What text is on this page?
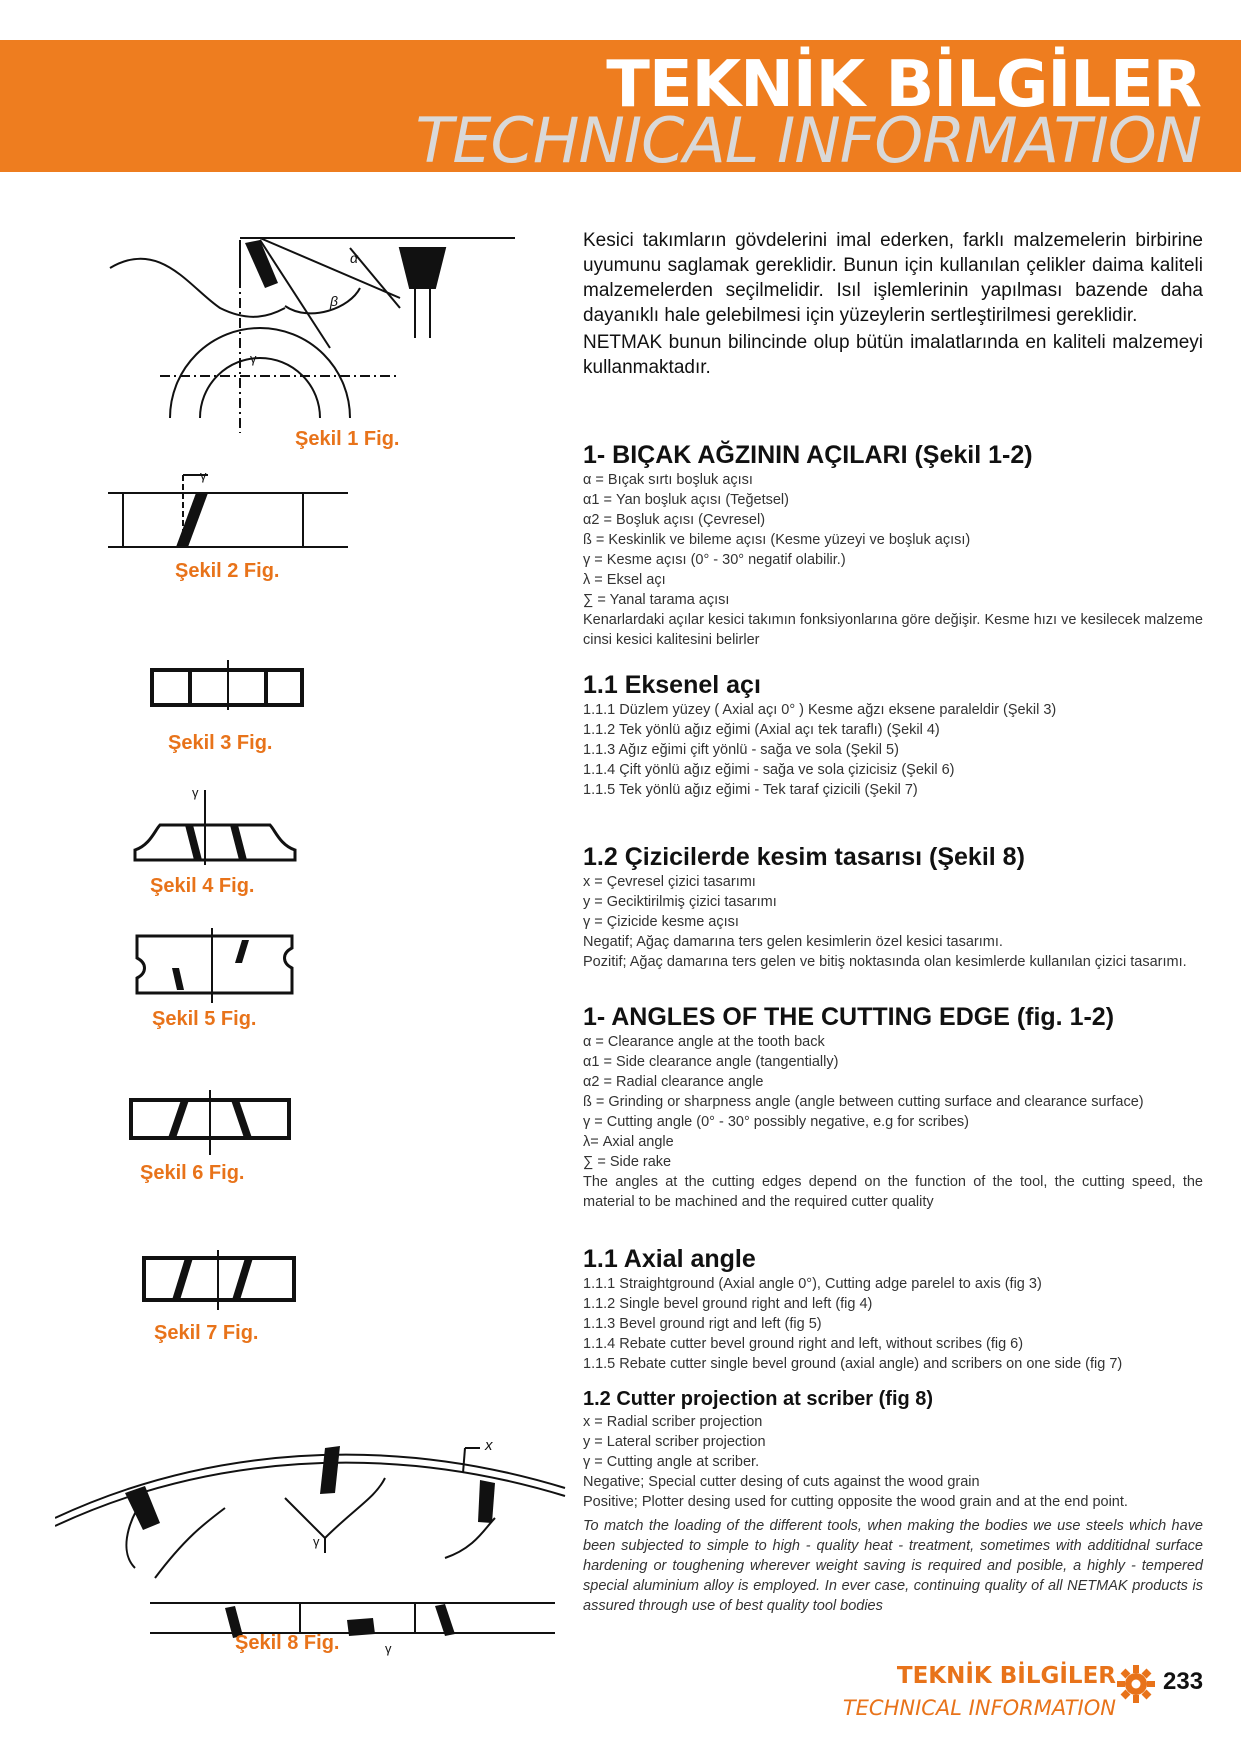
TEKNİK BİLGİLER
TECHNICAL INFORMATION
α
β
γ
Şekil 1 Fig.
γ
Şekil 2 Fig.
Şekil 3 Fig.
γ
Şekil 4 Fig.
Şekil 5 Fig.
Şekil 6 Fig.
Şekil 7 Fig.
x
γ
γ
Şekil 8 Fig.

Kesici takımların gövdelerini imal ederken, farklı malzemelerin birbirine uyumunu saglamak gereklidir. Bunun için kullanılan çelikler daima kaliteli malzemelerden seçilmelidir. Isıl işlemlerinin yapılması bazende daha dayanıklı hale gelebilmesi için yüzeylerin sertleştirilmesi gereklidir.

NETMAK bunun bilincinde olup bütün imalatlarında en kaliteli malzemeyi kullanmaktadır.

1- BIÇAK AĞZININ AÇILARI (Şekil 1-2)

α = Bıçak sırtı boşluk açısı

α1 = Yan boşluk açısı (Teğetsel)

α2 = Boşluk açısı (Çevresel)

ß = Keskinlik ve bileme açısı (Kesme yüzeyi ve boşluk açısı)

γ = Kesme açısı (0° - 30° negatif olabilir.)

λ = Eksel açı

∑ = Yanal tarama açısı

Kenarlardaki açılar kesici takımın fonksiyonlarına göre değişir. Kesme hızı ve kesilecek malzeme cinsi kesici kalitesini belirler

1.1 Eksenel açı

1.1.1 Düzlem yüzey ( Axial açı 0° ) Kesme ağzı eksene paraleldir (Şekil 3)

1.1.2 Tek yönlü ağız eğimi (Axial açı tek taraflı) (Şekil 4)

1.1.3 Ağız eğimi çift yönlü - sağa ve sola (Şekil 5)

1.1.4 Çift yönlü ağız eğimi - sağa ve sola çizicisiz (Şekil 6)

1.1.5 Tek yönlü ağız eğimi - Tek taraf çizicili (Şekil 7)

1.2 Çizicilerde kesim tasarısı (Şekil 8)

x = Çevresel çizici tasarımı

y = Geciktirilmiş çizici tasarımı

γ = Çizicide kesme açısı

Negatif; Ağaç damarına ters gelen kesimlerin özel kesici tasarımı.

Pozitif; Ağaç damarına ters gelen ve bitiş noktasında olan kesimlerde kullanılan çizici tasarımı.

1- ANGLES OF THE CUTTING EDGE (fig. 1-2)

α = Clearance angle at the tooth back

α1 = Side clearance angle (tangentially)

α2 = Radial clearance angle

ß = Grinding or sharpness angle (angle between cutting surface and clearance surface)

γ = Cutting angle (0° - 30° possibly negative, e.g for scribes)

λ= Axial angle

∑ = Side rake

The angles at the cutting edges depend on the function of the tool, the cutting speed, the material to be machined and the required cutter quality

1.1 Axial angle

1.1.1 Straightground (Axial angle 0°), Cutting adge parelel to axis (fig 3)

1.1.2 Single bevel ground right and left (fig 4)

1.1.3 Bevel ground rigt and left (fig 5)

1.1.4 Rebate cutter bevel ground right and left, without scribes (fig 6)

1.1.5 Rebate cutter single bevel ground (axial angle) and scribers on one side (fig 7)

1.2 Cutter projection at scriber (fig 8)

x = Radial scriber projection

y = Lateral scriber projection

γ = Cutting angle at scriber.

Negative; Special cutter desing of cuts against the wood grain

Positive; Plotter desing used for cutting opposite the wood grain and at the end point.

To match the loading of the different tools, when making the bodies we use steels which have been subjected to simple to high - quality heat - treatment, sometimes with additidnal surface hardening or toughening wherever weight saving is required and posible, a highly - tempered special aluminium alloy is employed. In ever case, continuing quality of all NETMAK products is assured through use of best quality tool bodies

TEKNİK BİLGİLER
TECHNICAL INFORMATION
233
